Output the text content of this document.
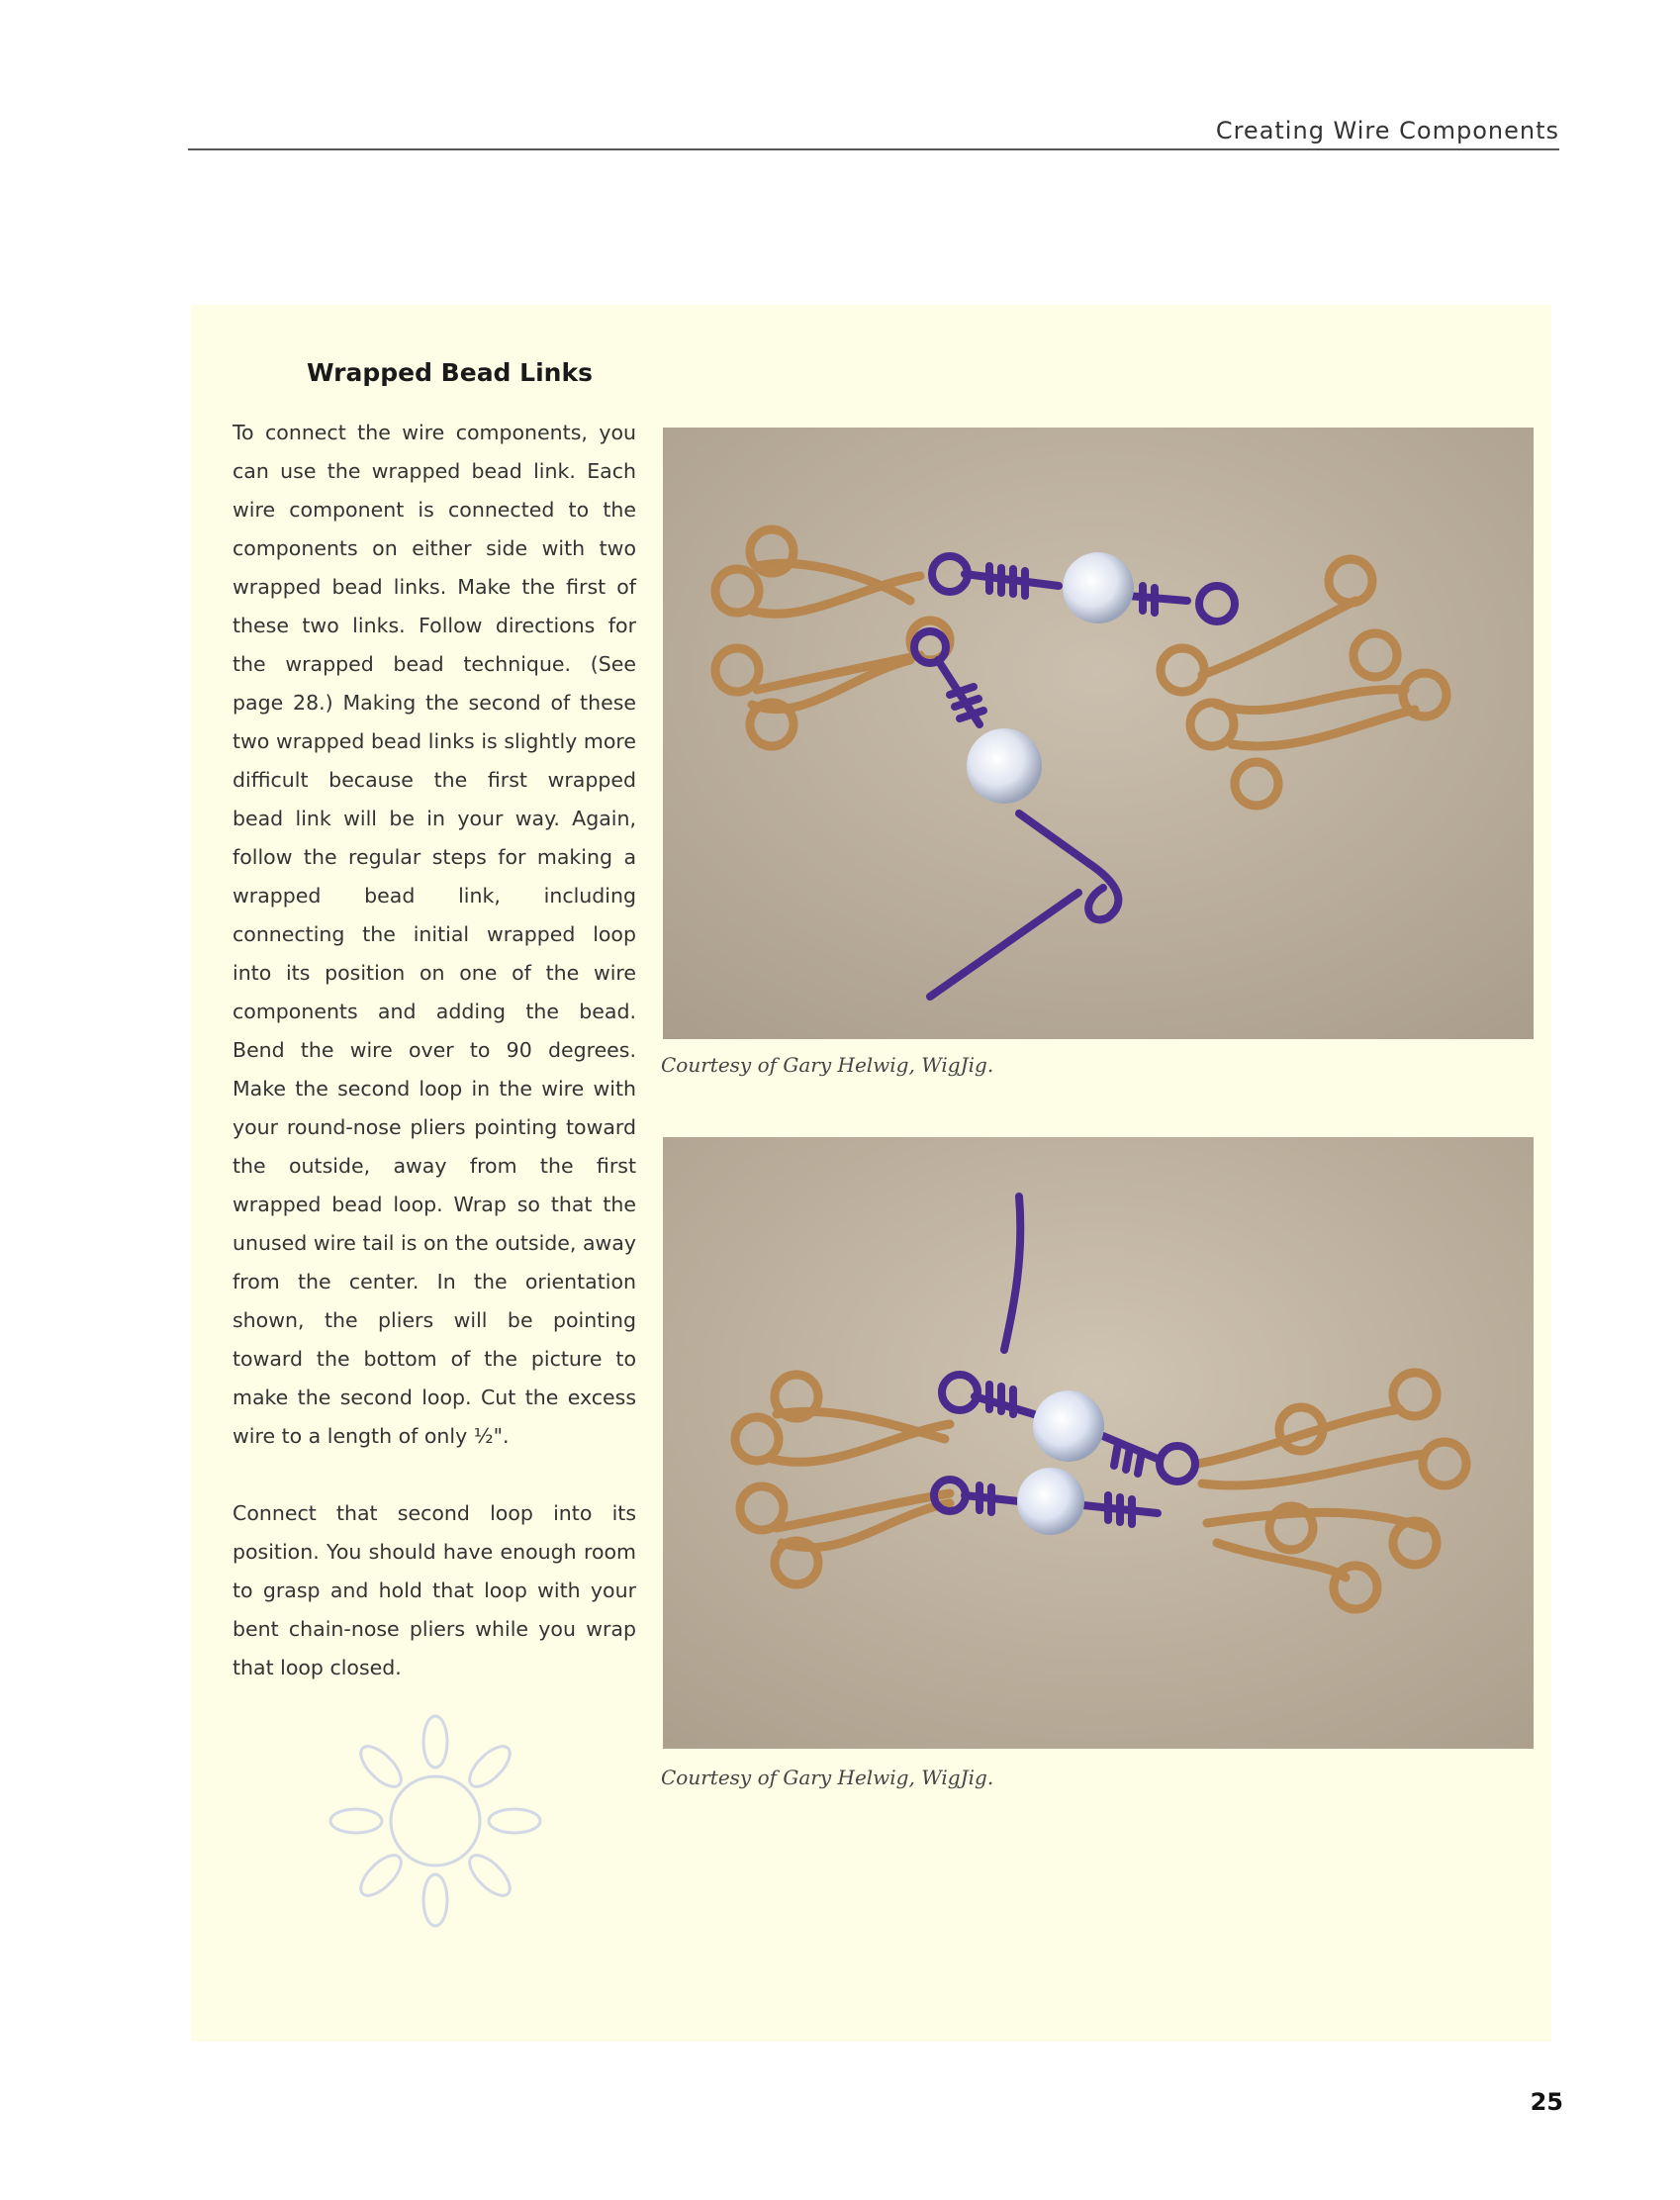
Creating Wire Components
Wrapped Bead Links

To connect the wire components, you can use the wrapped bead link. Each wire component is connected to the components on either side with two wrapped bead links. Make the first of these two links. Follow directions for the wrapped bead technique. (See page 28.) Making the second of these two wrapped bead links is slightly more difficult because the first wrapped bead link will be in your way. Again, follow the regular steps for making a wrapped bead link, including connecting the initial wrapped loop into its position on one of the wire components and adding the bead. Bend the wire over to 90 degrees. Make the second loop in the wire with your round-nose pliers pointing toward the outside, away from the first wrapped bead loop. Wrap so that the unused wire tail is on the outside, away from the center. In the orientation shown, the pliers will be pointing toward the bottom of the picture to make the second loop. Cut the excess wire to a length of only ½".

Connect that second loop into its position. You should have enough room to grasp and hold that loop with your bent chain-nose pliers while you wrap that loop closed.

Courtesy of Gary Helwig, WigJig.
Courtesy of Gary Helwig, WigJig.
25
